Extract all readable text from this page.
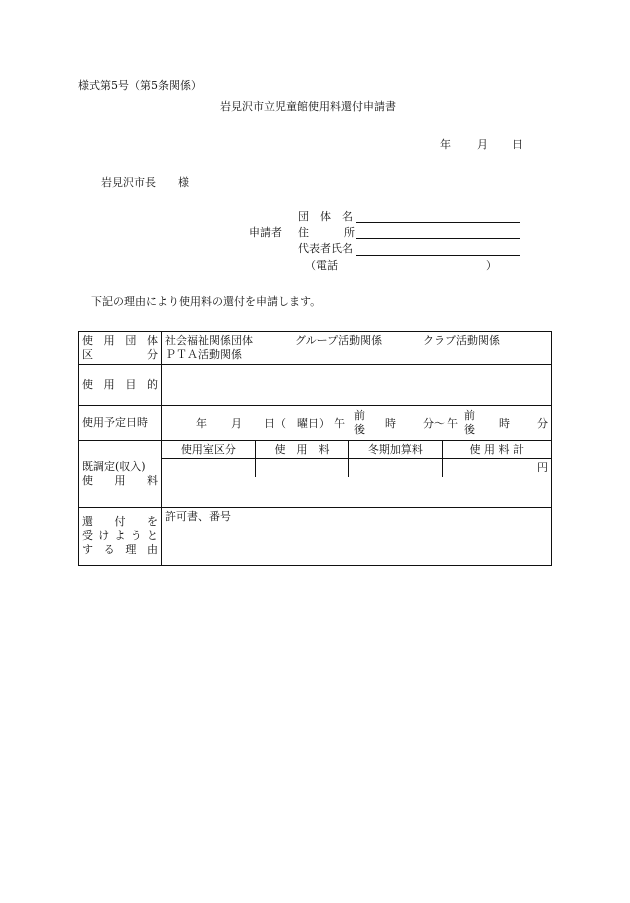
様式第5号（第5条関係）
岩見沢市立児童館使用料還付申請書
年 月 日
岩見沢市長　　様
団　体　名
申請者 住	所
代表者氏名
（電話	）
下記の理由により使用料の還付を申請します。
使 用 団 体
区	分

社会福祉関係団体	グループ活動関係	クラブ活動関係
ＰＴＡ活動関係

使 用 目 的

使用予定日時	年 月 日（　曜日） 午
前
後 時 分～ 午
前
後 時 分

既調定(収入)
使 用 料

使用室区分	使　用　料	冬期加算料	使 用 料 計
			円

還 付 を
受 け よ う と
す る 理 由
	許可書、番号
